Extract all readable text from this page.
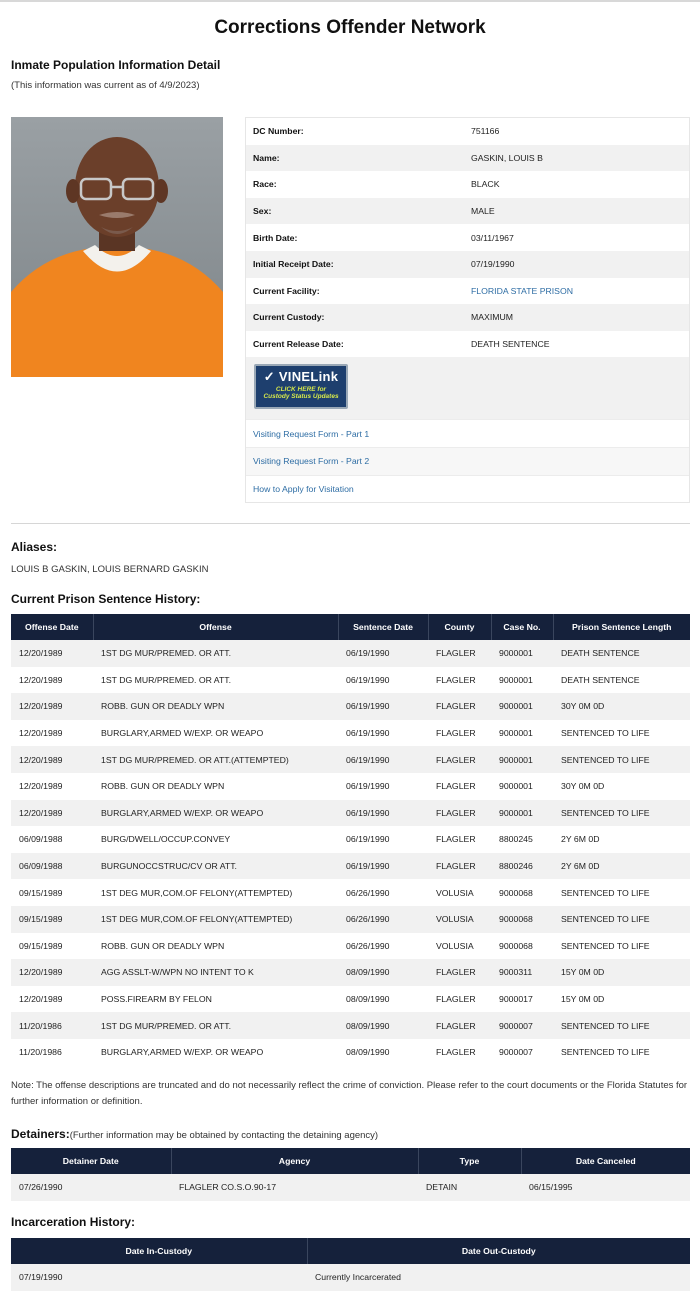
Corrections Offender Network
Inmate Population Information Detail
(This information was current as of 4/9/2023)
DC Number:	751166
Name:	GASKIN, LOUIS B
Race:	BLACK
Sex:	MALE
Birth Date:	03/11/1967
Initial Receipt Date:	07/19/1990
Current Facility:	FLORIDA STATE PRISON
Current Custody:	MAXIMUM
Current Release Date:	DEATH SENTENCE
✓ VINELink
CLICK HERE for
Custody Status Updates
Visiting Request Form - Part 1
Visiting Request Form - Part 2
How to Apply for Visitation
Aliases:
LOUIS B GASKIN, LOUIS BERNARD GASKIN
Current Prison Sentence History:
Offense Date	Offense	Sentence Date	County	Case No.	Prison Sentence Length
12/20/1989	1ST DG MUR/PREMED. OR ATT.	06/19/1990	FLAGLER	9000001	DEATH SENTENCE
12/20/1989	1ST DG MUR/PREMED. OR ATT.	06/19/1990	FLAGLER	9000001	DEATH SENTENCE
12/20/1989	ROBB. GUN OR DEADLY WPN	06/19/1990	FLAGLER	9000001	30Y 0M 0D
12/20/1989	BURGLARY,ARMED W/EXP. OR WEAPO	06/19/1990	FLAGLER	9000001	SENTENCED TO LIFE
12/20/1989	1ST DG MUR/PREMED. OR ATT.(ATTEMPTED)	06/19/1990	FLAGLER	9000001	SENTENCED TO LIFE
12/20/1989	ROBB. GUN OR DEADLY WPN	06/19/1990	FLAGLER	9000001	30Y 0M 0D
12/20/1989	BURGLARY,ARMED W/EXP. OR WEAPO	06/19/1990	FLAGLER	9000001	SENTENCED TO LIFE
06/09/1988	BURG/DWELL/OCCUP.CONVEY	06/19/1990	FLAGLER	8800245	2Y 6M 0D
06/09/1988	BURGUNOCCSTRUC/CV OR ATT.	06/19/1990	FLAGLER	8800246	2Y 6M 0D
09/15/1989	1ST DEG MUR,COM.OF FELONY(ATTEMPTED)	06/26/1990	VOLUSIA	9000068	SENTENCED TO LIFE
09/15/1989	1ST DEG MUR,COM.OF FELONY(ATTEMPTED)	06/26/1990	VOLUSIA	9000068	SENTENCED TO LIFE
09/15/1989	ROBB. GUN OR DEADLY WPN	06/26/1990	VOLUSIA	9000068	SENTENCED TO LIFE
12/20/1989	AGG ASSLT-W/WPN NO INTENT TO K	08/09/1990	FLAGLER	9000311	15Y 0M 0D
12/20/1989	POSS.FIREARM BY FELON	08/09/1990	FLAGLER	9000017	15Y 0M 0D
11/20/1986	1ST DG MUR/PREMED. OR ATT.	08/09/1990	FLAGLER	9000007	SENTENCED TO LIFE
11/20/1986	BURGLARY,ARMED W/EXP. OR WEAPO	08/09/1990	FLAGLER	9000007	SENTENCED TO LIFE
Note: The offense descriptions are truncated and do not necessarily reflect the crime of conviction. Please refer to the court documents or the Florida Statutes for further information or definition.
Detainers:(Further information may be obtained by contacting the detaining agency)
Detainer Date	Agency	Type	Date Canceled
07/26/1990	FLAGLER CO.S.O.90-17	DETAIN	06/15/1995
Incarceration History:
Date In-Custody	Date Out-Custody
07/19/1990	Currently Incarcerated
